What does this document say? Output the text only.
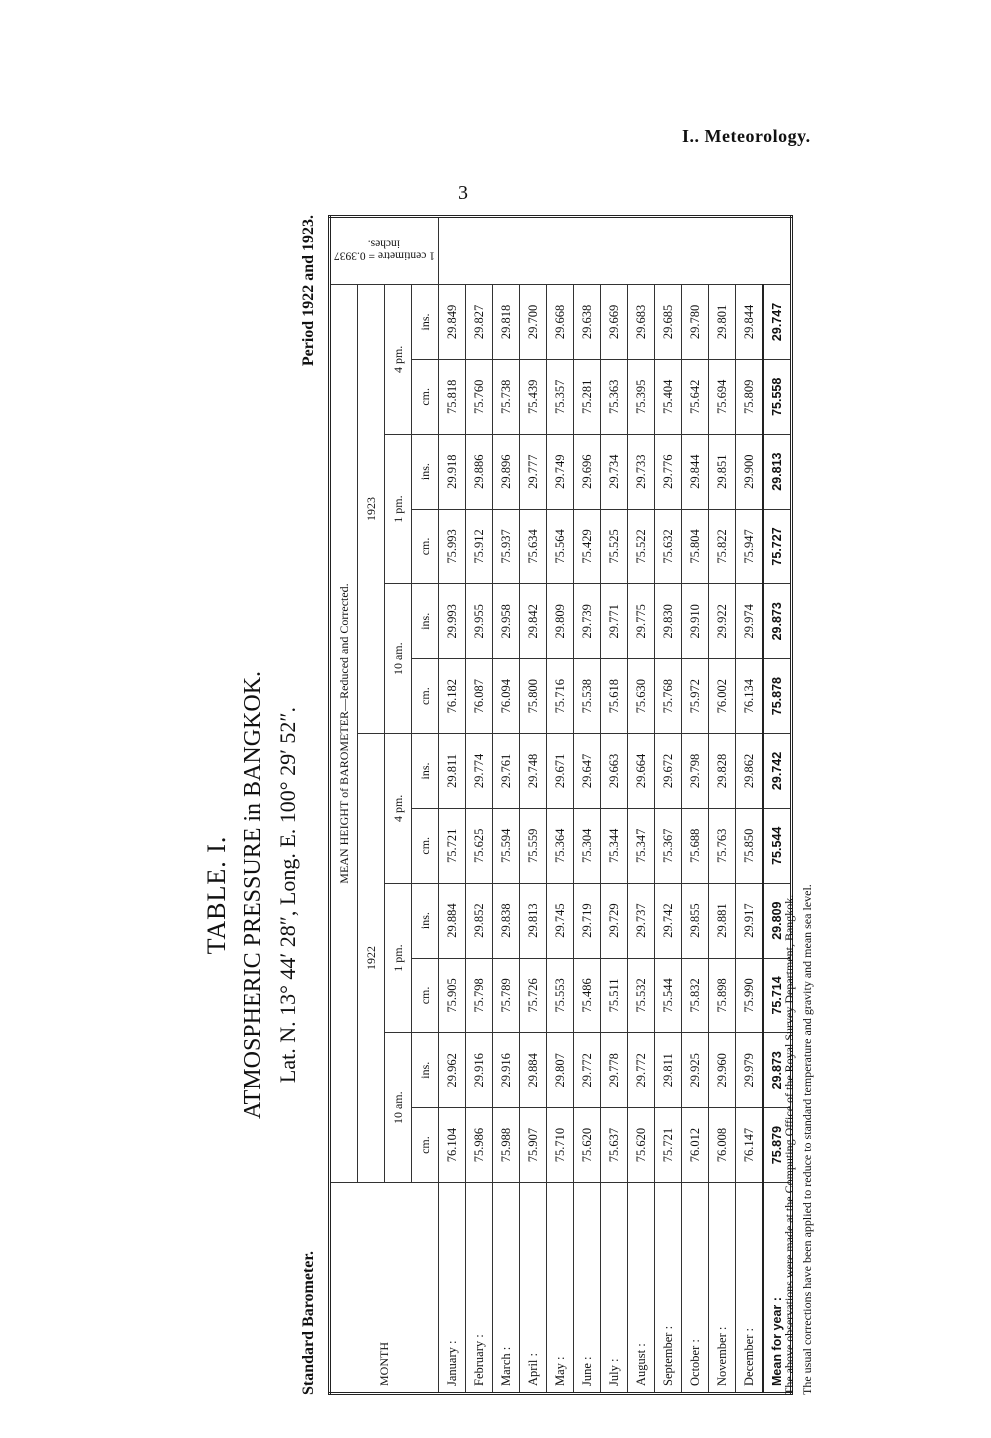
I.. Meteorology.
3
TABLE. I. ATMOSPHERIC PRESSURE in BANGKOK. Lat. N. 13° 44′ 28″, Long. E. 100° 29′ 52″.
Standard Barometer.
Period 1922 and 1923.
MONTH	MEAN HEIGHT of BAROMETER—Reduced and Corrected.												1 centimetre = 0.3937 inches.
	1922						1923						
	10 am.		1 pm.		4 pm.		10 am.		1 pm.		4 pm.		
	cm.	ins.	cm.	ins.	cm.	ins.	cm.	ins.	cm.	ins.	cm.	ins.	
January :	76.104	29.962	75.905	29.884	75.721	29.811	76.182	29.993	75.993	29.918	75.818	29.849	
February :	75.986	29.916	75.798	29.852	75.625	29.774	76.087	29.955	75.912	29.886	75.760	29.827	
March :	75.988	29.916	75.789	29.838	75.594	29.761	76.094	29.958	75.937	29.896	75.738	29.818	
April :	75.907	29.884	75.726	29.813	75.559	29.748	75.800	29.842	75.634	29.777	75.439	29.700	
May :	75.710	29.807	75.553	29.745	75.364	29.671	75.716	29.809	75.564	29.749	75.357	29.668	
June :	75.620	29.772	75.486	29.719	75.304	29.647	75.538	29.739	75.429	29.696	75.281	29.638	
July :	75.637	29.778	75.511	29.729	75.344	29.663	75.618	29.771	75.525	29.734	75.363	29.669	
August :	75.620	29.772	75.532	29.737	75.347	29.664	75.630	29.775	75.522	29.733	75.395	29.683	
September :	75.721	29.811	75.544	29.742	75.367	29.672	75.768	29.830	75.632	29.776	75.404	29.685	
October :	76.012	29.925	75.832	29.855	75.688	29.798	75.972	29.910	75.804	29.844	75.642	29.780	
November :	76.008	29.960	75.898	29.881	75.763	29.828	76.002	29.922	75.822	29.851	75.694	29.801	
December :	76.147	29.979	75.990	29.917	75.850	29.862	76.134	29.974	75.947	29.900	75.809	29.844	
Mean for year :	75.879	29.873	75.714	29.809	75.544	29.742	75.878	29.873	75.727	29.813	75.558	29.747	
The above observations were made at the Computing Office of the Royal Survey Department, Bangkok. The usual corrections have been applied to reduce to standard temperature and gravity and mean sea level.
